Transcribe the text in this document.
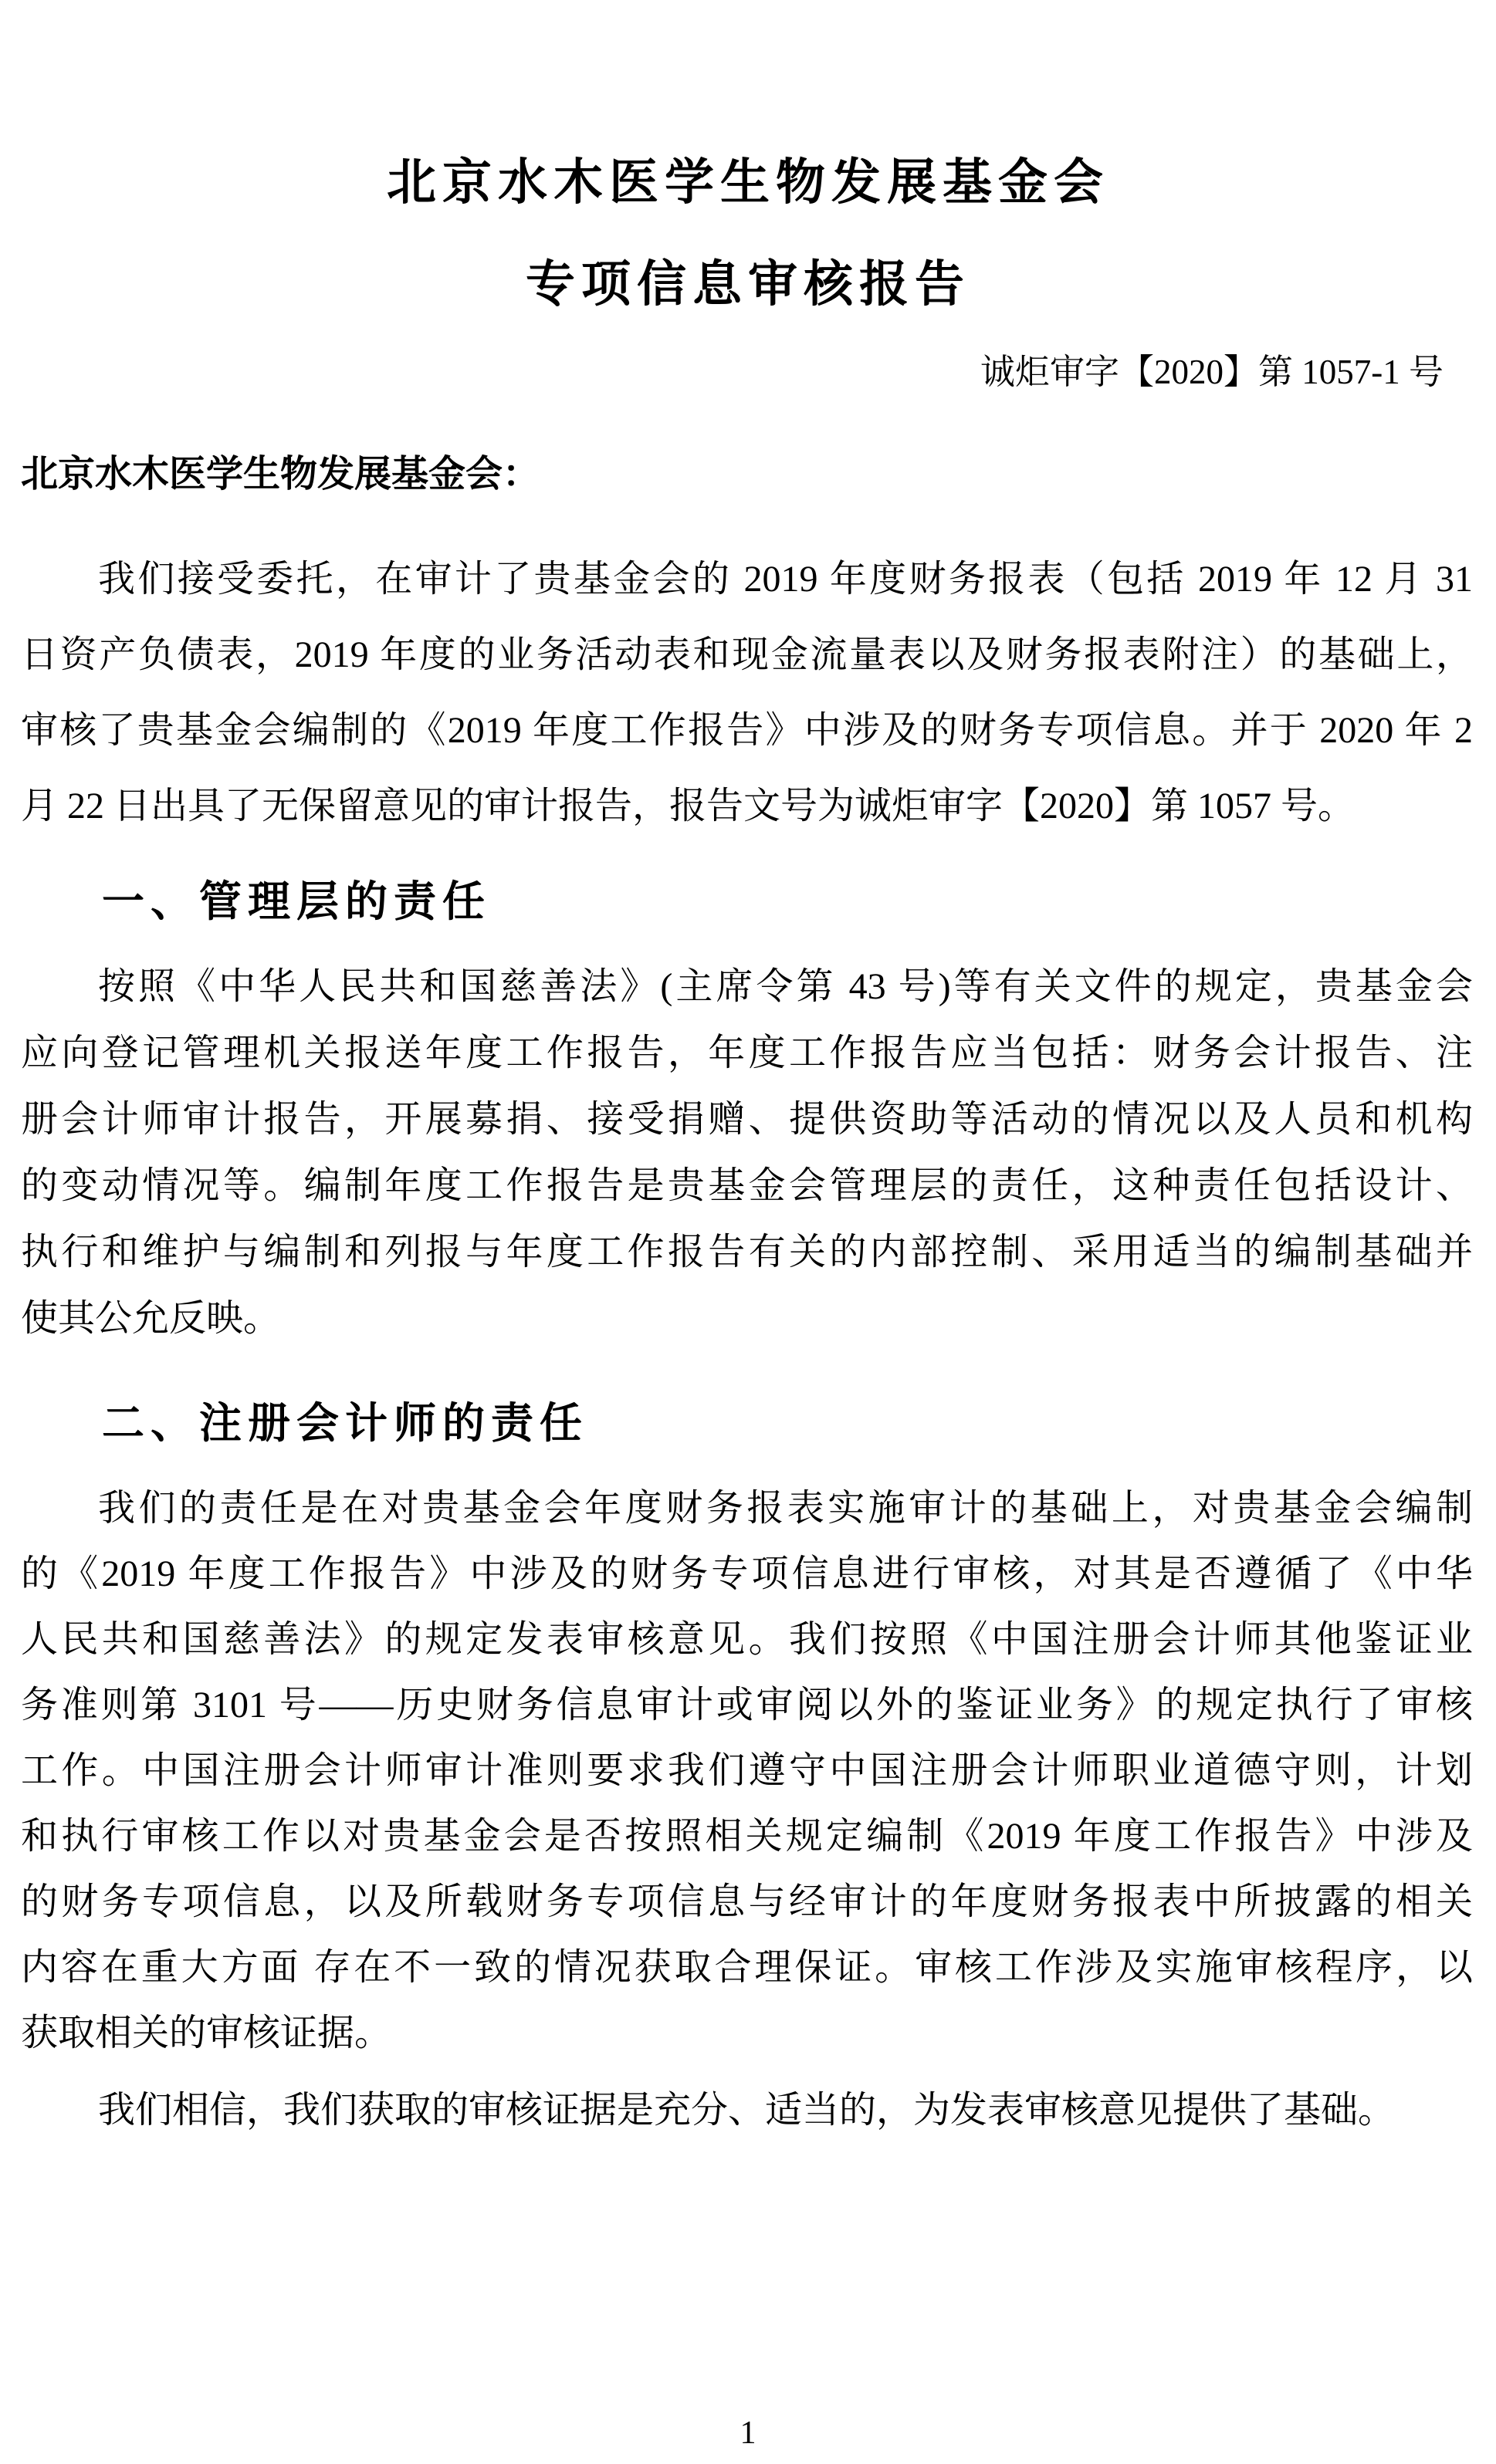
北京水木医学生物发展基金会
专项信息审核报告
诚炬审字【2020】第 1057-1 号
北京水木医学生物发展基金会：
我们接受委托，在审计了贵基金会的 2019 年度财务报表（包括 2019 年 12 月 31
日资产负债表，2019 年度的业务活动表和现金流量表以及财务报表附注）的基础上，
审核了贵基金会编制的《2019 年度工作报告》中涉及的财务专项信息。并于 2020 年 2
月 22 日出具了无保留意见的审计报告，报告文号为诚炬审字【2020】第 1057 号。
一、管理层的责任
按照《中华人民共和国慈善法》(主席令第 43 号)等有关文件的规定，贵基金会
应向登记管理机关报送年度工作报告，年度工作报告应当包括：财务会计报告、注
册会计师审计报告，开展募捐、接受捐赠、提供资助等活动的情况以及人员和机构
的变动情况等。编制年度工作报告是贵基金会管理层的责任，这种责任包括设计、
执行和维护与编制和列报与年度工作报告有关的内部控制、采用适当的编制基础并
使其公允反映。
二、注册会计师的责任
我们的责任是在对贵基金会年度财务报表实施审计的基础上，对贵基金会编制
的《2019 年度工作报告》中涉及的财务专项信息进行审核，对其是否遵循了《中华
人民共和国慈善法》的规定发表审核意见。我们按照《中国注册会计师其他鉴证业
务准则第 3101 号——历史财务信息审计或审阅以外的鉴证业务》的规定执行了审核
工作。中国注册会计师审计准则要求我们遵守中国注册会计师职业道德守则，计划
和执行审核工作以对贵基金会是否按照相关规定编制《2019 年度工作报告》中涉及
的财务专项信息，以及所载财务专项信息与经审计的年度财务报表中所披露的相关
内容在重大方面 存在不一致的情况获取合理保证。审核工作涉及实施审核程序，以
获取相关的审核证据。
我们相信，我们获取的审核证据是充分、适当的，为发表审核意见提供了基础。
1
